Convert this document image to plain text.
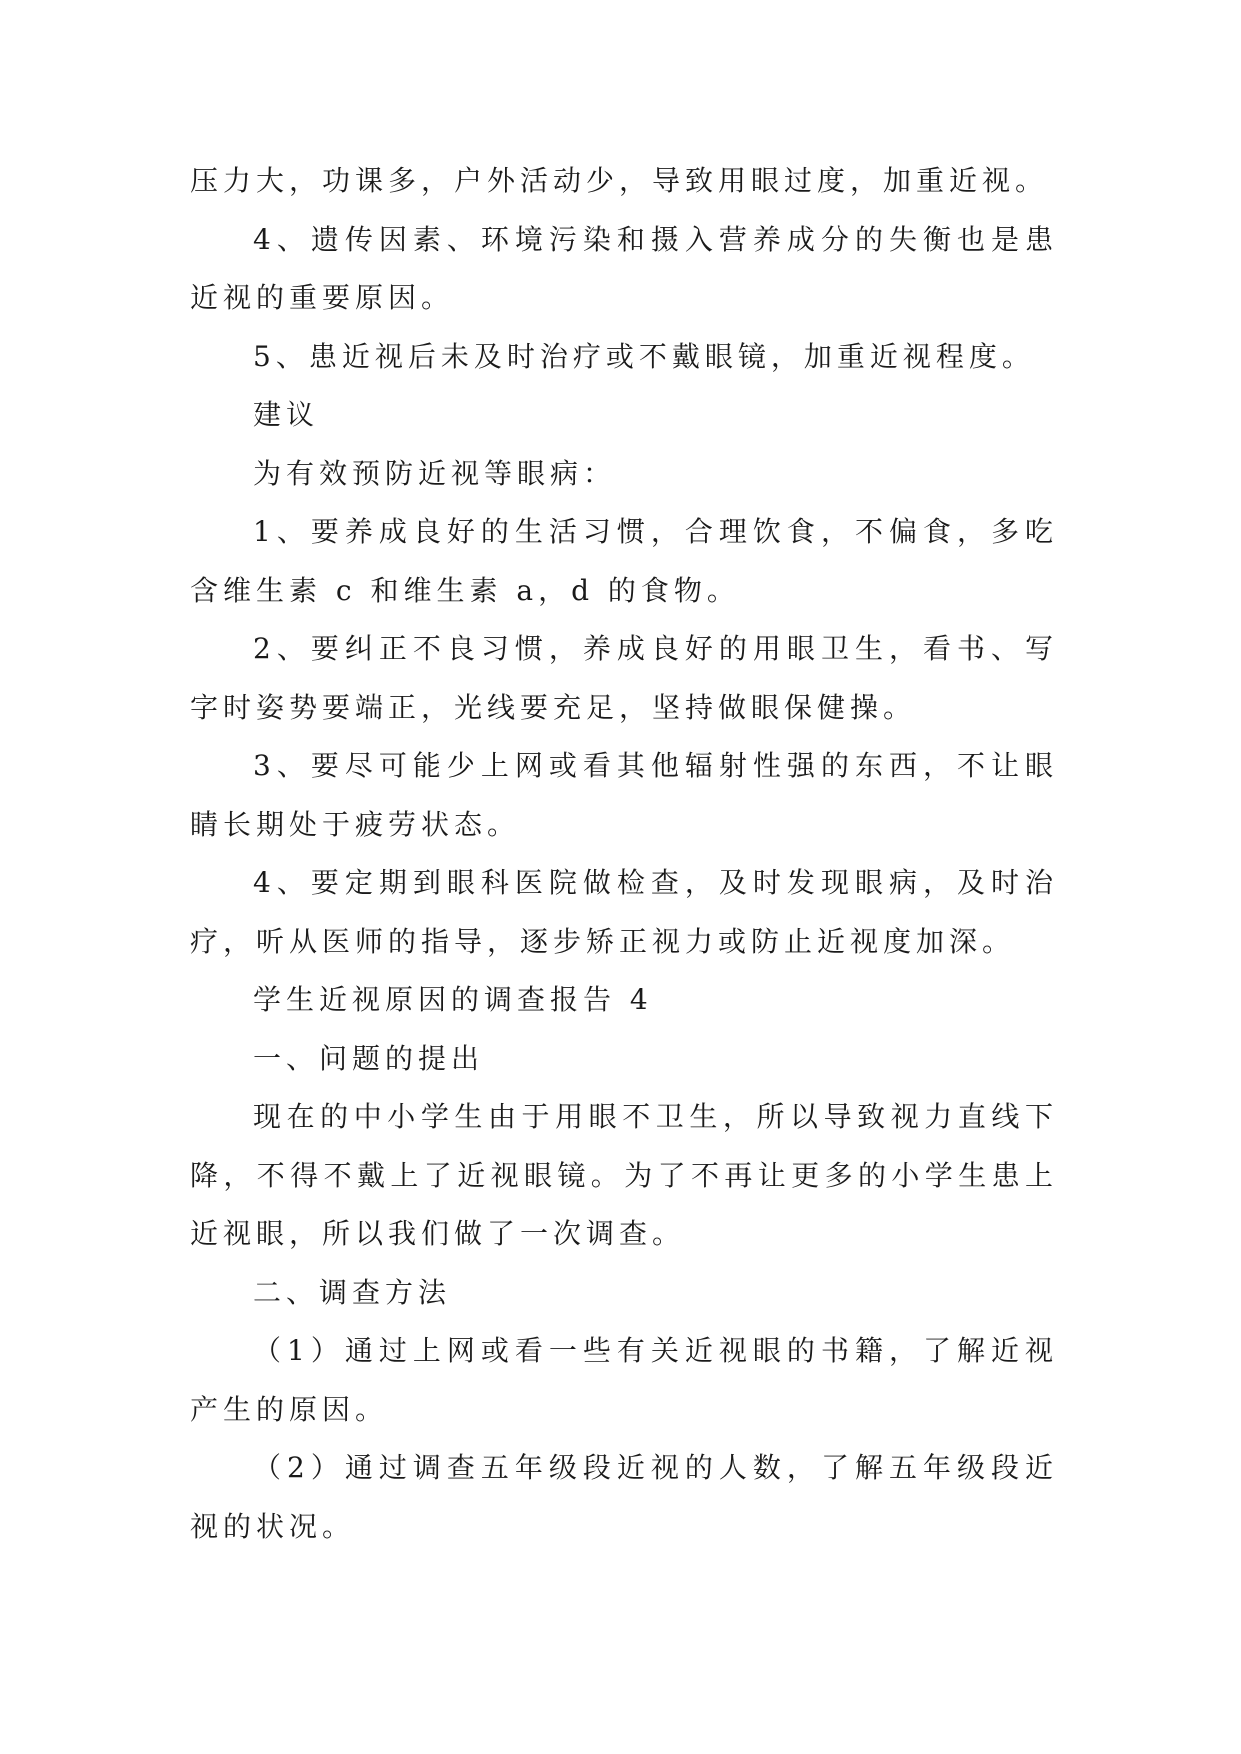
压力大，功课多，户外活动少，导致用眼过度，加重近视。

4、遗传因素、环境污染和摄入营养成分的失衡也是患近视的重要原因。

5、患近视后未及时治疗或不戴眼镜，加重近视程度。

建议

为有效预防近视等眼病：

1、要养成良好的生活习惯，合理饮食，不偏食，多吃含维生素 c 和维生素 a，d 的食物。

2、要纠正不良习惯，养成良好的用眼卫生，看书、写字时姿势要端正，光线要充足，坚持做眼保健操。

3、要尽可能少上网或看其他辐射性强的东西，不让眼睛长期处于疲劳状态。

4、要定期到眼科医院做检查，及时发现眼病，及时治疗，听从医师的指导，逐步矫正视力或防止近视度加深。

学生近视原因的调查报告 4

一、问题的提出

现在的中小学生由于用眼不卫生，所以导致视力直线下降，不得不戴上了近视眼镜。为了不再让更多的小学生患上近视眼，所以我们做了一次调查。

二、调查方法

（1）通过上网或看一些有关近视眼的书籍，了解近视产生的原因。

（2）通过调查五年级段近视的人数，了解五年级段近视的状况。
